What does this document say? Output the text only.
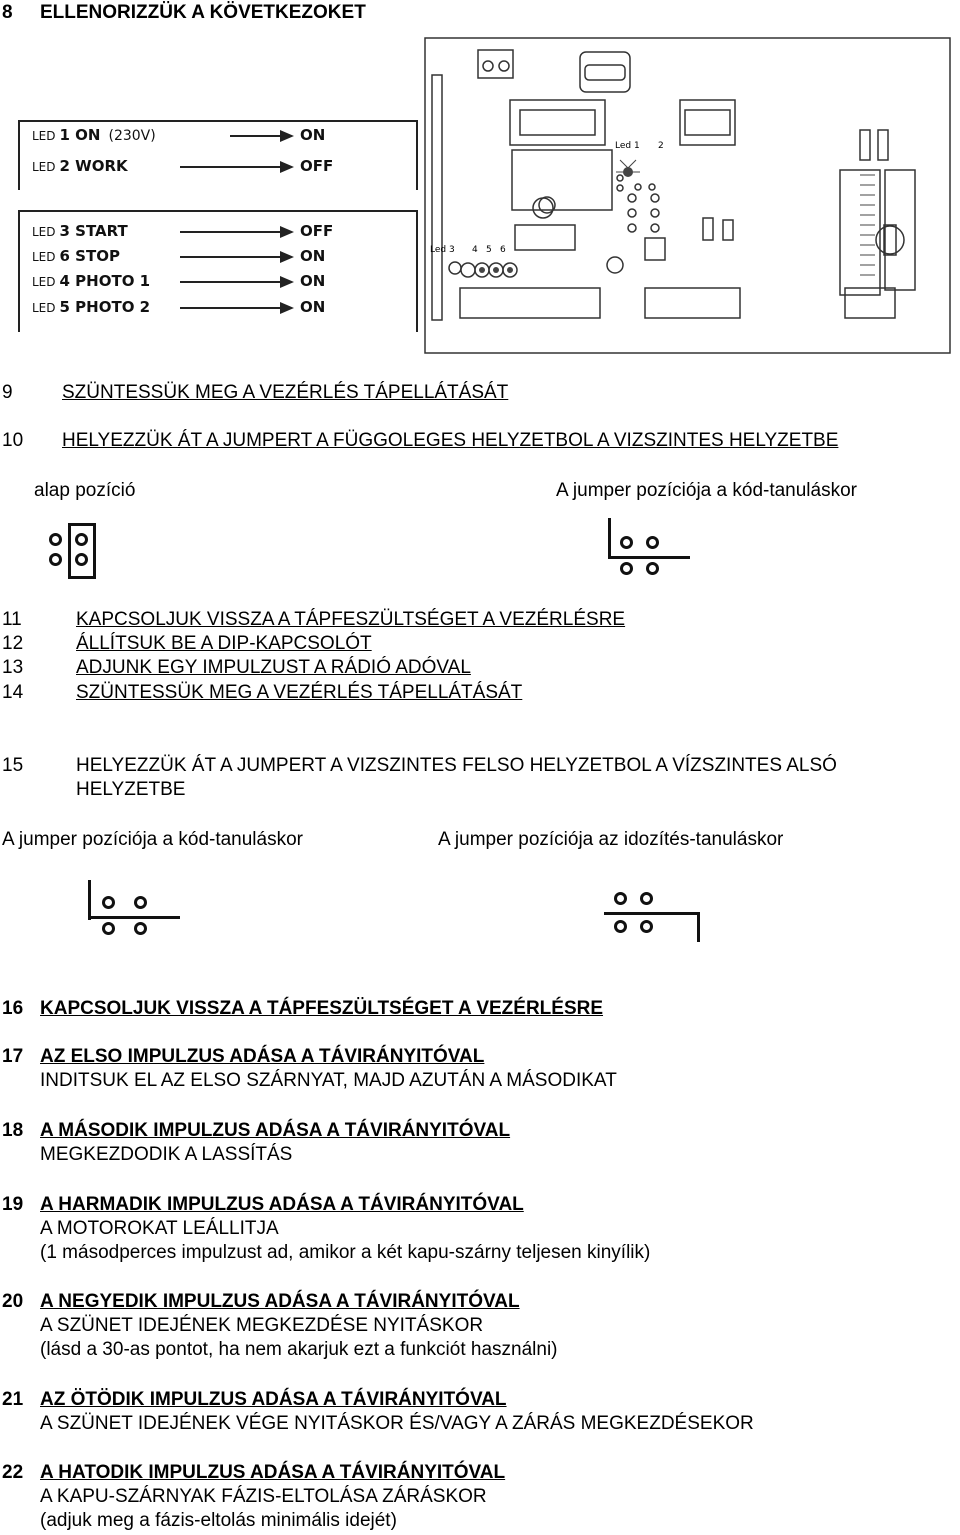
8 ELLENORIZZÜK A KÖVETKEZOKET
LED 1 ON (230V)	ON
LED 2 WORK	OFF
LED 3 START	OFF
LED 6 STOP	ON
LED 4 PHOTO 1	ON
LED 5 PHOTO 2	ON
Led 1 2
Led 3 4 5 6
9	SZÜNTESSÜK MEG A VEZÉRLÉS TÁPELLÁTÁSÁT
10 HELYEZZÜK ÁT A JUMPERT A FÜGGOLEGES HELYZETBOL A VIZSZINTES HELYZETBE
alap pozíció	A jumper pozíciója a kód-tanuláskor
11	KAPCSOLJUK VISSZA A TÁPFESZÜLTSÉGET A VEZÉRLÉSRE
12	ÁLLÍTSUK BE A DIP-KAPCSOLÓT
13	ADJUNK EGY IMPULZUST A RÁDIÓ ADÓVAL
14	SZÜNTESSÜK MEG A VEZÉRLÉS TÁPELLÁTÁSÁT
15	HELYEZZÜK ÁT A JUMPERT A VIZSZINTES FELSO HELYZETBOL A VÍZSZINTES ALSÓ
HELYZETBE
A jumper pozíciója a kód-tanuláskor	A jumper pozíciója az idozítés-tanuláskor
16 KAPCSOLJUK VISSZA A TÁPFESZÜLTSÉGET A VEZÉRLÉSRE
17 AZ ELSO IMPULZUS ADÁSA A TÁVIRÁNYITÓVAL
INDITSUK EL AZ ELSO SZÁRNYAT, MAJD AZUTÁN A MÁSODIKAT
18 A MÁSODIK IMPULZUS ADÁSA A TÁVIRÁNYITÓVAL
MEGKEZDODIK A LASSÍTÁS
19 A HARMADIK IMPULZUS ADÁSA A TÁVIRÁNYITÓVAL
A MOTOROKAT LEÁLLITJA
(1 másodperces impulzust ad, amikor a két kapu-szárny teljesen kinyílik)
20 A NEGYEDIK IMPULZUS ADÁSA A TÁVIRÁNYITÓVAL
A SZÜNET IDEJÉNEK MEGKEZDÉSE NYITÁSKOR
(lásd a 30-as pontot, ha nem akarjuk ezt a funkciót használni)
21 AZ ÖTÖDIK IMPULZUS ADÁSA A TÁVIRÁNYITÓVAL
A SZÜNET IDEJÉNEK VÉGE NYITÁSKOR ÉS/VAGY A ZÁRÁS MEGKEZDÉSEKOR
22 A HATODIK IMPULZUS ADÁSA A TÁVIRÁNYITÓVAL
A KAPU-SZÁRNYAK FÁZIS-ELTOLÁSA ZÁRÁSKOR
(adjuk meg a fázis-eltolás minimális idejét)
